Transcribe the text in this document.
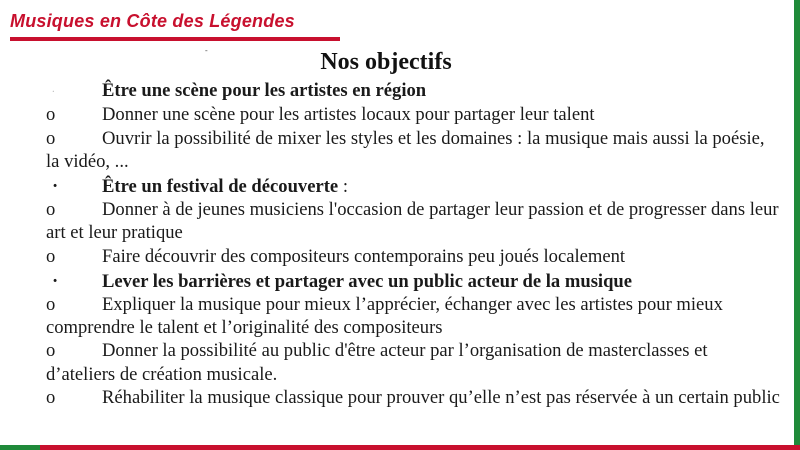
Musiques en Côte des Légendes
-	Nos objectifs
·	Être une scène pour les artistes en région
o	Donner une scène pour les artistes locaux pour partager leur talent
o	Ouvrir la possibilité de mixer les styles et les domaines : la musique mais aussi la poésie, la vidéo, ...
· Être un festival de découverte :
o	Donner à de jeunes musiciens l'occasion de partager leur passion et de progresser dans leur art et leur pratique
o	Faire découvrir des compositeurs contemporains peu joués localement
· Lever les barrières et partager avec un public acteur de la musique
o	Expliquer la musique pour mieux l’apprécier, échanger avec les artistes pour mieux comprendre le talent et l’originalité des compositeurs
o	Donner la possibilité au public d'être acteur par l’organisation de masterclasses et d’ateliers de création musicale.
o	Réhabiliter la musique classique pour prouver qu’elle n’est pas réservée à un certain public
